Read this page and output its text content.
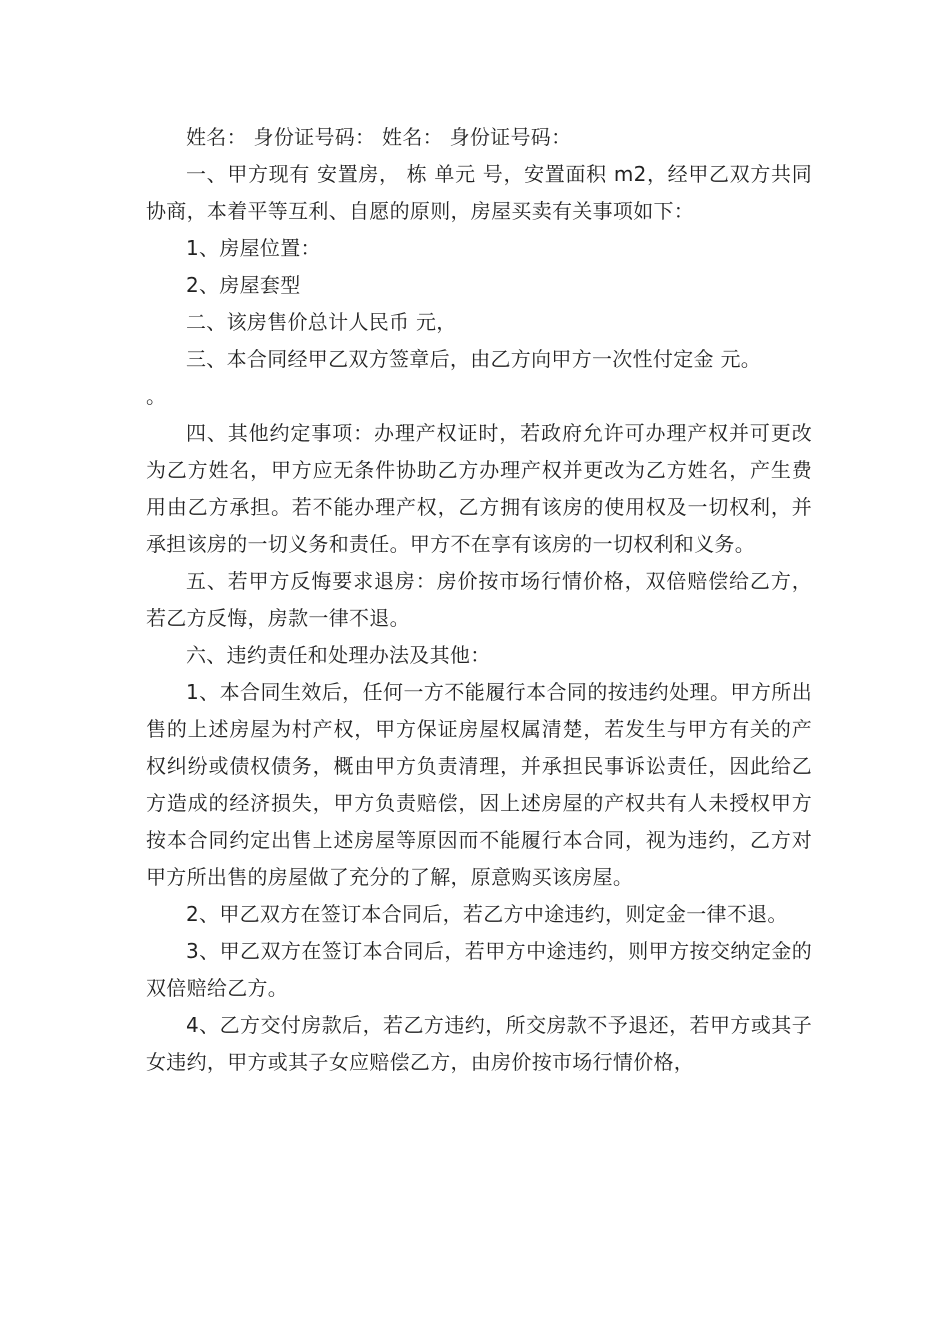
姓名： 身份证号码： 姓名： 身份证号码：

一、甲方现有 安置房， 栋 单元 号，安置面积 m2，经甲乙双方共同协商，本着平等互利、自愿的原则，房屋买卖有关事项如下：

1、房屋位置：

2、房屋套型

二、该房售价总计人民币 元，

三、本合同经甲乙双方签章后，由乙方向甲方一次性付定金 元。

。

四、其他约定事项：办理产权证时，若政府允许可办理产权并可更改为乙方姓名，甲方应无条件协助乙方办理产权并更改为乙方姓名，产生费用由乙方承担。若不能办理产权，乙方拥有该房的使用权及一切权利，并承担该房的一切义务和责任。甲方不在享有该房的一切权利和义务。

五、若甲方反悔要求退房：房价按市场行情价格，双倍赔偿给乙方，若乙方反悔，房款一律不退。

六、违约责任和处理办法及其他：

1、本合同生效后，任何一方不能履行本合同的按违约处理。甲方所出售的上述房屋为村产权，甲方保证房屋权属清楚，若发生与甲方有关的产权纠纷或债权债务，概由甲方负责清理，并承担民事诉讼责任，因此给乙方造成的经济损失，甲方负责赔偿，因上述房屋的产权共有人未授权甲方按本合同约定出售上述房屋等原因而不能履行本合同，视为违约，乙方对甲方所出售的房屋做了充分的了解，原意购买该房屋。

2、甲乙双方在签订本合同后，若乙方中途违约，则定金一律不退。

3、甲乙双方在签订本合同后，若甲方中途违约，则甲方按交纳定金的双倍赔给乙方。

4、乙方交付房款后，若乙方违约，所交房款不予退还，若甲方或其子女违约，甲方或其子女应赔偿乙方，由房价按市场行情价格，
